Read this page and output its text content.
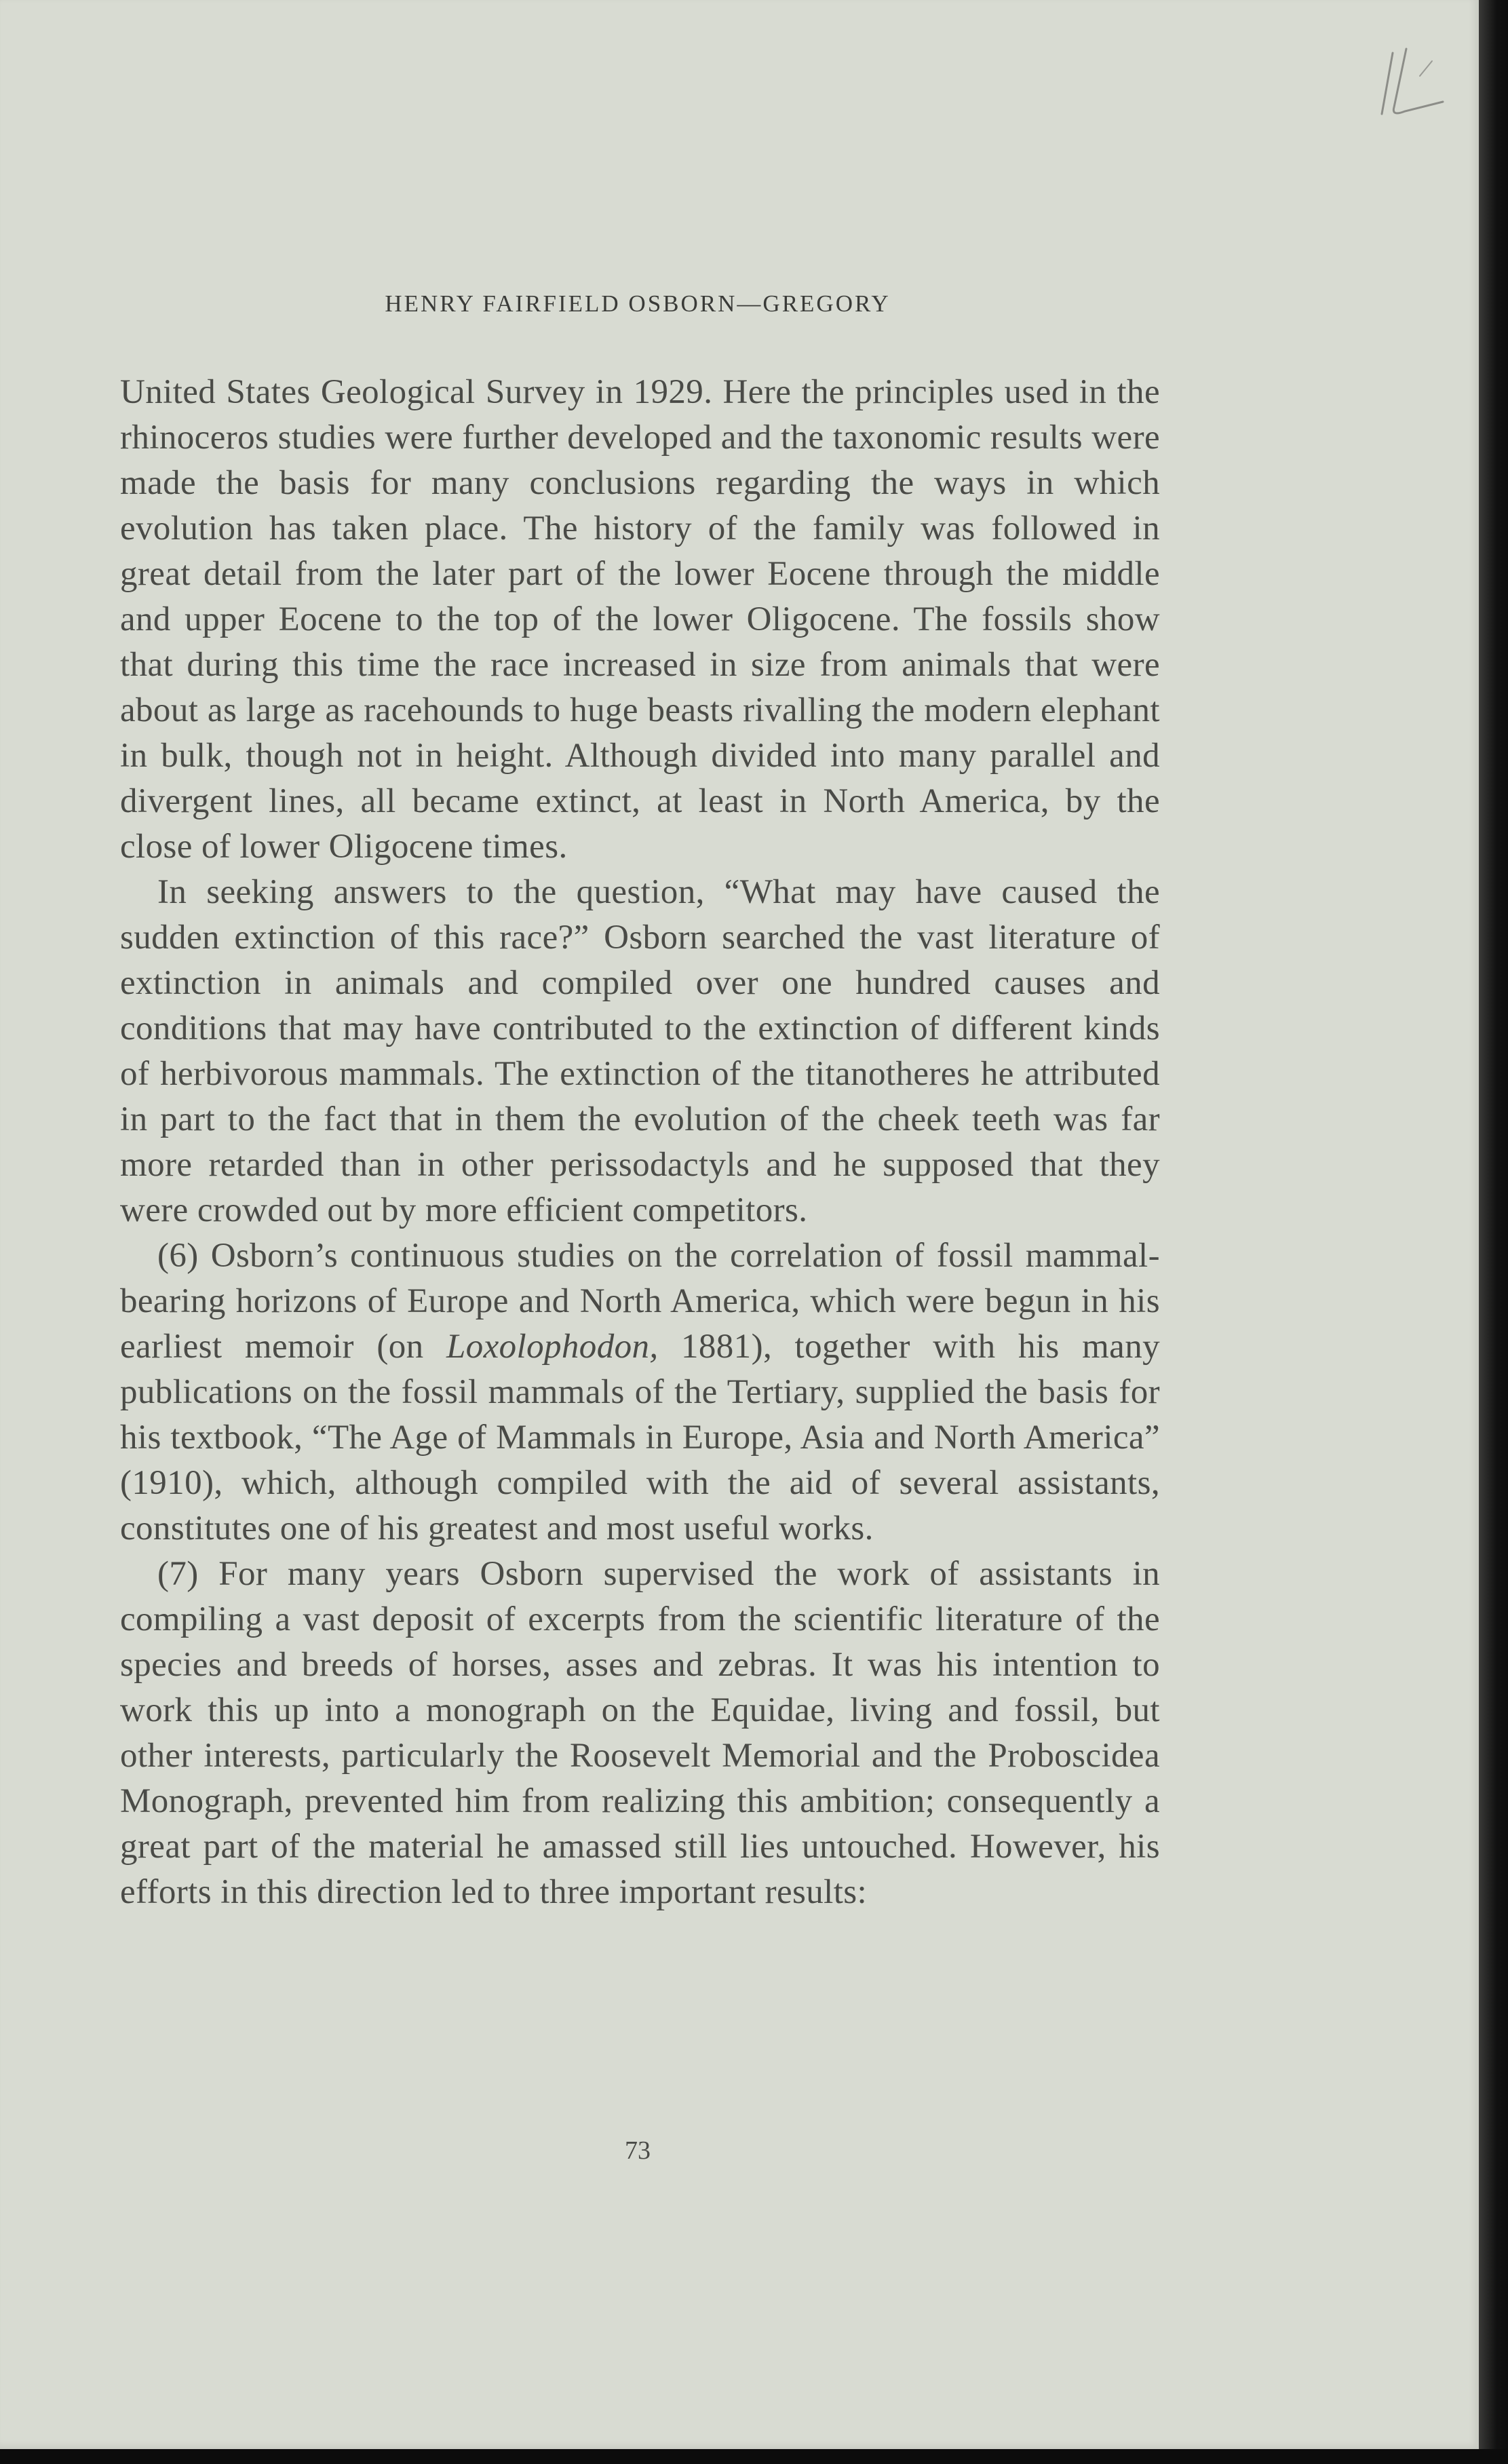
HENRY FAIRFIELD OSBORN—GREGORY

United States Geological Survey in 1929. Here the principles used in the rhinoceros studies were further developed and the taxonomic results were made the basis for many conclusions regarding the ways in which evolution has taken place. The history of the family was followed in great detail from the later part of the lower Eocene through the middle and upper Eocene to the top of the lower Oligocene. The fossils show that during this time the race increased in size from animals that were about as large as racehounds to huge beasts rivalling the modern elephant in bulk, though not in height. Although divided into many parallel and divergent lines, all became extinct, at least in North America, by the close of lower Oligocene times.

In seeking answers to the question, “What may have caused the sudden extinction of this race?” Osborn searched the vast literature of extinction in animals and compiled over one hundred causes and conditions that may have contributed to the extinction of different kinds of herbivorous mammals. The extinction of the titanotheres he attributed in part to the fact that in them the evolution of the cheek teeth was far more retarded than in other perissodactyls and he supposed that they were crowded out by more efficient competitors.

(6) Osborn’s continuous studies on the correlation of fossil mammal-bearing horizons of Europe and North America, which were begun in his earliest memoir (on Loxolophodon, 1881), together with his many publications on the fossil mammals of the Tertiary, supplied the basis for his textbook, “The Age of Mammals in Europe, Asia and North America” (1910), which, although compiled with the aid of several assistants, constitutes one of his greatest and most useful works.

(7) For many years Osborn supervised the work of assistants in compiling a vast deposit of excerpts from the scientific literature of the species and breeds of horses, asses and zebras. It was his intention to work this up into a monograph on the Equidae, living and fossil, but other interests, particularly the Roosevelt Memorial and the Proboscidea Monograph, prevented him from realizing this ambition; consequently a great part of the material he amassed still lies untouched. However, his efforts in this direction led to three important results:

73
